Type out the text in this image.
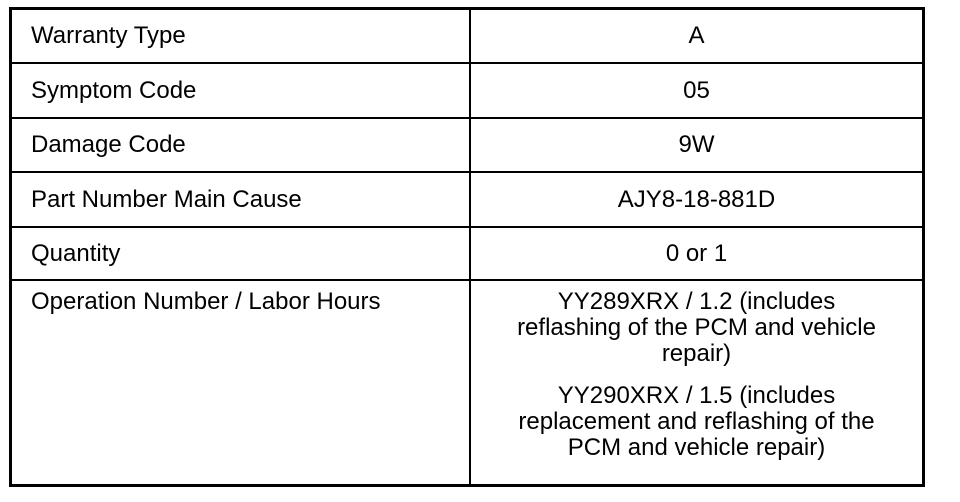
Warranty Type	A
Symptom Code	05
Damage Code	9W
Part Number Main Cause	AJY8-18-881D
Quantity	0 or 1
Operation Number / Labor Hours	YY289XRX / 1.2 (includes
reflashing of the PCM and vehicle
repair)
YY290XRX / 1.5 (includes
replacement and reflashing of the
PCM and vehicle repair)
